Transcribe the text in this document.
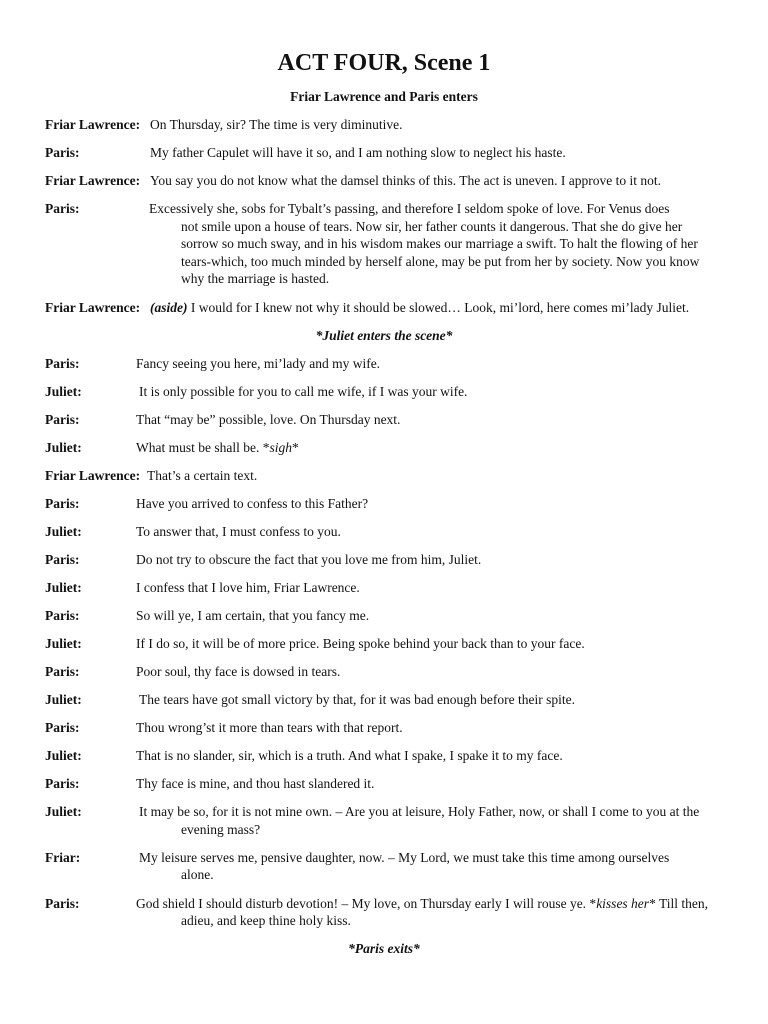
ACT FOUR, Scene 1
Friar Lawrence and Paris enters
Friar Lawrence: On Thursday, sir? The time is very diminutive.
Paris:	My father Capulet will have it so, and I am nothing slow to neglect his haste.
Friar Lawrence: You say you do not know what the damsel thinks of this. The act is uneven. I approve to it not.
Paris:	Excessively she, sobs for Tybalt’s passing, and therefore I seldom spoke of love. For Venus does
not smile upon a house of tears. Now sir, her father counts it dangerous. That she do give her
sorrow so much sway, and in his wisdom makes our marriage a swift. To halt the flowing of her
tears-which, too much minded by herself alone, may be put from her by society. Now you know
why the marriage is hasted.
Friar Lawrence: (aside) I would for I knew not why it should be slowed… Look, mi’lord, here comes mi’lady Juliet.
*Juliet enters the scene*
Paris:	Fancy seeing you here, mi’lady and my wife.
Juliet:	It is only possible for you to call me wife, if I was your wife.
Paris:	That “may be” possible, love. On Thursday next.
Juliet:	What must be shall be. *sigh*
Friar Lawrence: That’s a certain text.
Paris:	Have you arrived to confess to this Father?
Juliet:	To answer that, I must confess to you.
Paris:	Do not try to obscure the fact that you love me from him, Juliet.
Juliet:	I confess that I love him, Friar Lawrence.
Paris:	So will ye, I am certain, that you fancy me.
Juliet:	If I do so, it will be of more price. Being spoke behind your back than to your face.
Paris:	Poor soul, thy face is dowsed in tears.
Juliet:	The tears have got small victory by that, for it was bad enough before their spite.
Paris:	Thou wrong’st it more than tears with that report.
Juliet:	That is no slander, sir, which is a truth. And what I spake, I spake it to my face.
Paris:	Thy face is mine, and thou hast slandered it.
Juliet:	It may be so, for it is not mine own. – Are you at leisure, Holy Father, now, or shall I come to you at the
evening mass?
Friar:	My leisure serves me, pensive daughter, now. – My Lord, we must take this time among ourselves
alone.
Paris:	God shield I should disturb devotion! – My love, on Thursday early I will rouse ye. *kisses her* Till then,
adieu, and keep thine holy kiss.
*Paris exits*
